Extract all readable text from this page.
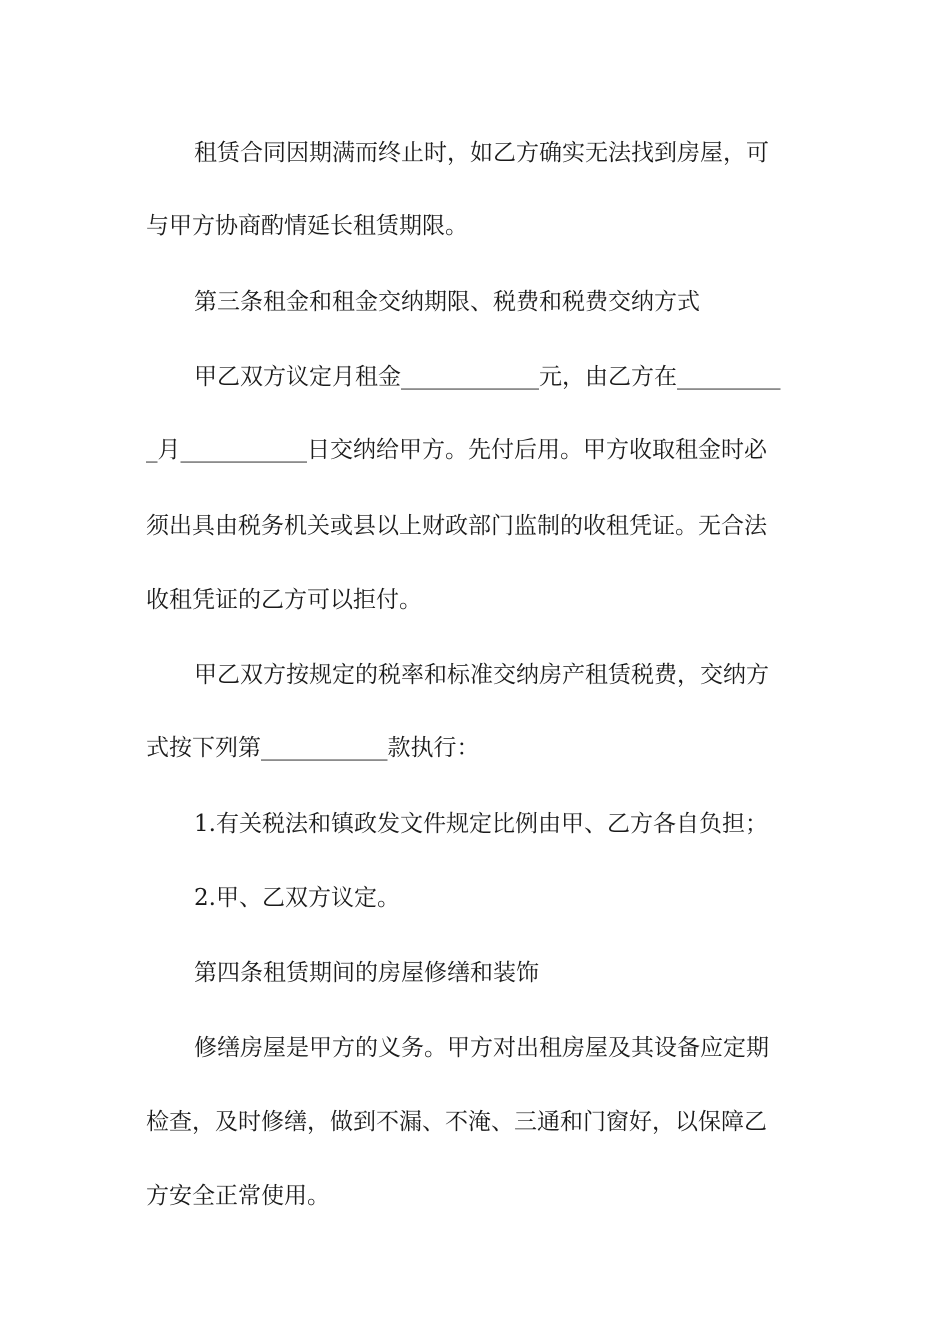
租赁合同因期满而终止时，如乙方确实无法找到房屋，可
与甲方协商酌情延长租赁期限。
第三条租金和租金交纳期限、税费和税费交纳方式
甲乙双方议定月租金____________元，由乙方在_________
_月___________日交纳给甲方。先付后用。甲方收取租金时必
须出具由税务机关或县以上财政部门监制的收租凭证。无合法
收租凭证的乙方可以拒付。
甲乙双方按规定的税率和标准交纳房产租赁税费，交纳方
式按下列第___________款执行：
1.有关税法和镇政发文件规定比例由甲、乙方各自负担；
2.甲、乙双方议定。
第四条租赁期间的房屋修缮和装饰
修缮房屋是甲方的义务。甲方对出租房屋及其设备应定期
检查，及时修缮，做到不漏、不淹、三通和门窗好，以保障乙
方安全正常使用。
